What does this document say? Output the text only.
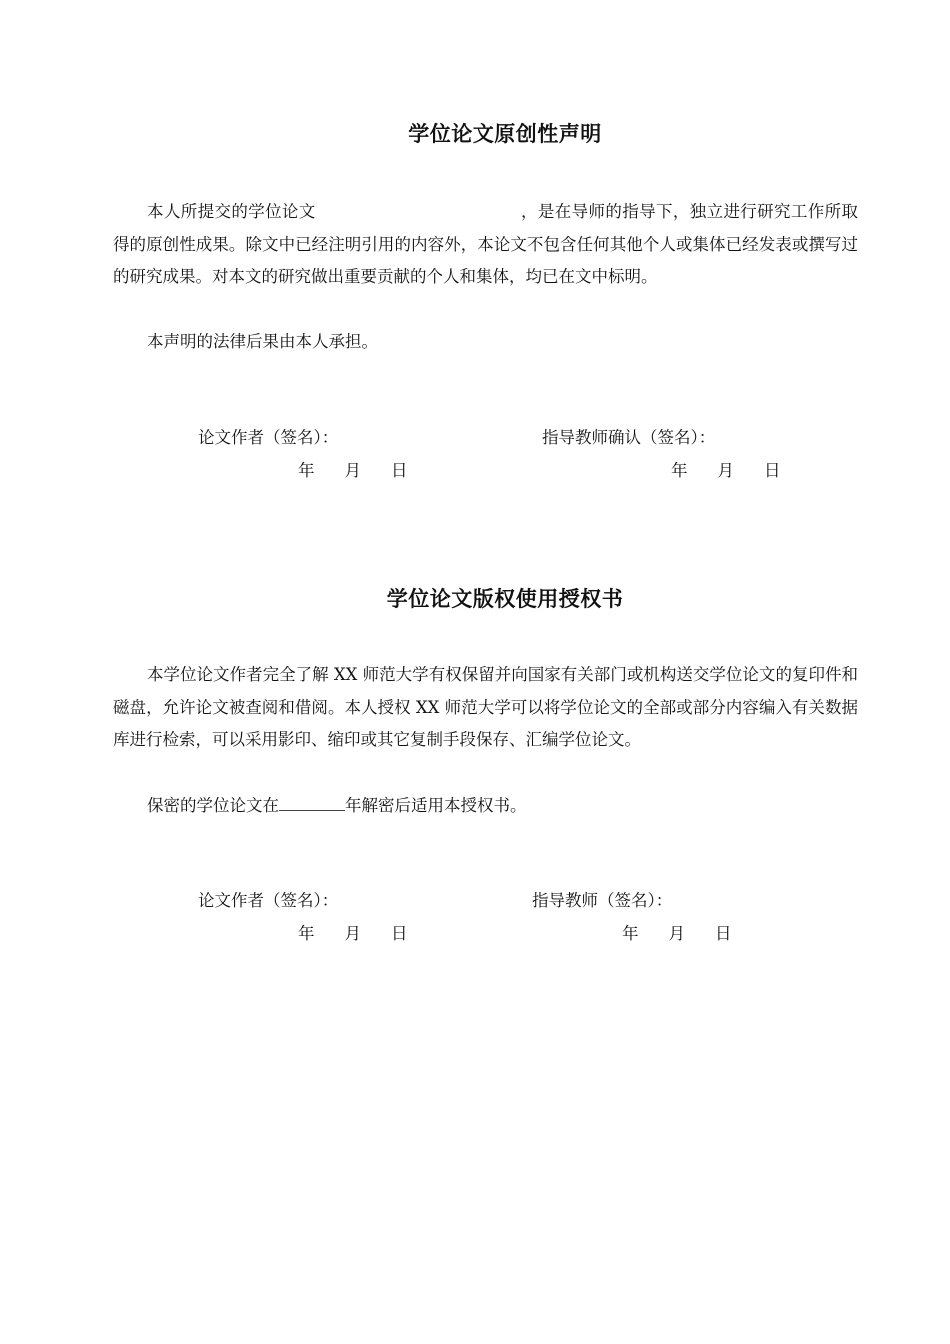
学位论文原创性声明

本人所提交的学位论文	，是在导师的指导下，独立进行研究工作所取得的原创性成果。除文中已经注明引用的内容外，本论文不包含任何其他个人或集体已经发表或撰写过的研究成果。对本文的研究做出重要贡献的个人和集体，均已在文中标明。

本声明的法律后果由本人承担。

论文作者（签名）：	指导教师确认（签名）：
年 月 日	年 月 日
学位论文版权使用授权书

本学位论文作者完全了解 XX 师范大学有权保留并向国家有关部门或机构送交学位论文的复印件和磁盘，允许论文被查阅和借阅。本人授权 XX 师范大学可以将学位论文的全部或部分内容编入有关数据库进行检索，可以采用影印、缩印或其它复制手段保存、汇编学位论文。

保密的学位论文在	年解密后适用本授权书。

论文作者（签名）：	指导教师（签名）：
年 月 日	年 月 日
